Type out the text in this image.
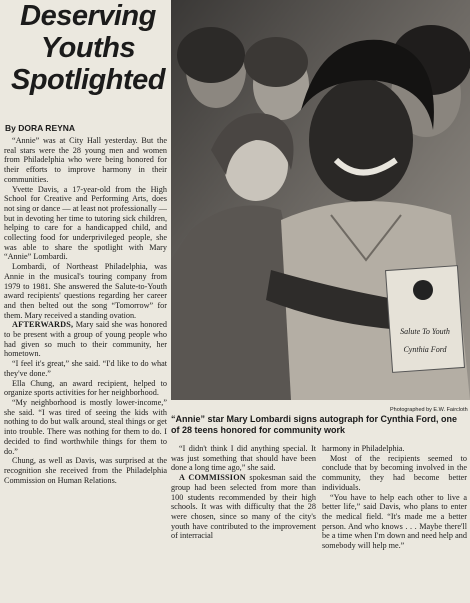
Deserving
Youths
Spotlighted
By DORA REYNA

“Annie” was at City Hall yesterday. But the real stars were the 28 young men and women from Philadelphia who were being honored for their efforts to improve harmony in their communities.

Yvette Davis, a 17-year-old from the High School for Creative and Performing Arts, does not sing or dance — at least not professionally — but in devoting her time to tutoring sick children, helping to care for a handicapped child, and collecting food for underprivileged people, she was able to share the spotlight with Mary “Annie” Lombardi.

Lombardi, of Northeast Philadelphia, was Annie in the musical's touring company from 1979 to 1981. She answered the Salute-to-Youth award recipients' questions regarding her career and then belted out the song “Tomorrow” for them. Mary received a standing ovation.

AFTERWARDS, Mary said she was honored to be present with a group of young people who had given so much to their community, her hometown.

“I feel it's great,” she said. “I'd like to do what they've done.”

Ella Chung, an award recipient, helped to organize sports activities for her neighborhood.

“My neighborhood is mostly lower-income,” she said. “I was tired of seeing the kids with nothing to do but walk around, steal things or get into trouble. There was nothing for them to do. I decided to find worthwhile things for them to do.”

Chung, as well as Davis, was surprised at the recognition she received from the Philadelphia Commission on Human Relations.

Salute To Youth
Cynthia Ford
Photographed by E.W. Faircloth
“Annie” star Mary Lombardi signs autograph for Cynthia Ford, one of 28 teens honored for community work

“I didn't think I did anything special. It was just something that should have been done a long time ago,” she said.

A COMMISSION spokesman said the group had been selected from more than 100 students recommended by their high schools. It was with difficulty that the 28 were chosen, since so many of the city's youth have contributed to the improvement of interracial

harmony in Philadelphia.

Most of the recipients seemed to conclude that by becoming involved in the community, they had become better individuals.

“You have to help each other to live a better life,” said Davis, who plans to enter the medical field. “It's made me a better person. And who knows . . . Maybe there'll be a time when I'm down and need help and somebody will help me.”
